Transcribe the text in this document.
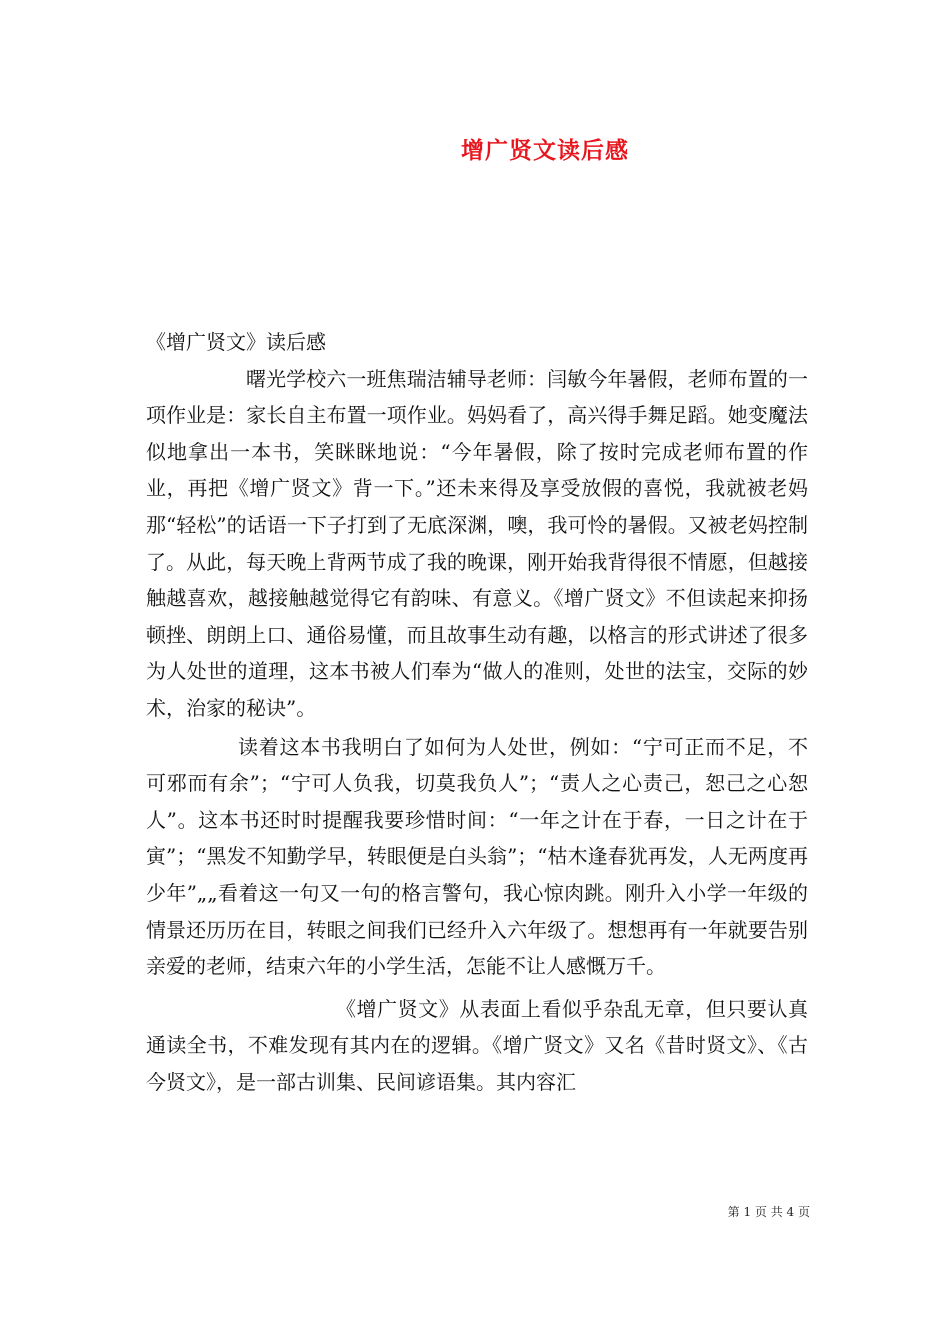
增广贤文读后感

《增广贤文》读后感

曙光学校六一班焦瑞洁辅导老师：闫敏今年暑假，老师布置的一项作业是：家长自主布置一项作业。妈妈看了，高兴得手舞足蹈。她变魔法似地拿出一本书，笑眯眯地说：“今年暑假，除了按时完成老师布置的作业，再把《增广贤文》背一下。”还未来得及享受放假的喜悦，我就被老妈那“轻松”的话语一下子打到了无底深渊，噢，我可怜的暑假。又被老妈控制了。从此，每天晚上背两节成了我的晚课，刚开始我背得很不情愿，但越接触越喜欢，越接触越觉得它有韵味、有意义。《增广贤文》不但读起来抑扬顿挫、朗朗上口、通俗易懂，而且故事生动有趣，以格言的形式讲述了很多为人处世的道理，这本书被人们奉为“做人的准则，处世的法宝，交际的妙术，治家的秘诀”。

读着这本书我明白了如何为人处世，例如：“宁可正而不足，不可邪而有余”；“宁可人负我，切莫我负人”；“责人之心责己，恕己之心恕人”。这本书还时时提醒我要珍惜时间：“一年之计在于春，一日之计在于寅”；“黑发不知勤学早，转眼便是白头翁”；“枯木逢春犹再发，人无两度再少年”„„看着这一句又一句的格言警句，我心惊肉跳。刚升入小学一年级的情景还历历在目，转眼之间我们已经升入六年级了。想想再有一年就要告别亲爱的老师，结束六年的小学生活，怎能不让人感慨万千。

《增广贤文》从表面上看似乎杂乱无章，但只要认真通读全书，不难发现有其内在的逻辑。《增广贤文》又名《昔时贤文》、《古今贤文》，是一部古训集、民间谚语集。其内容汇

第 1 页 共 4 页
